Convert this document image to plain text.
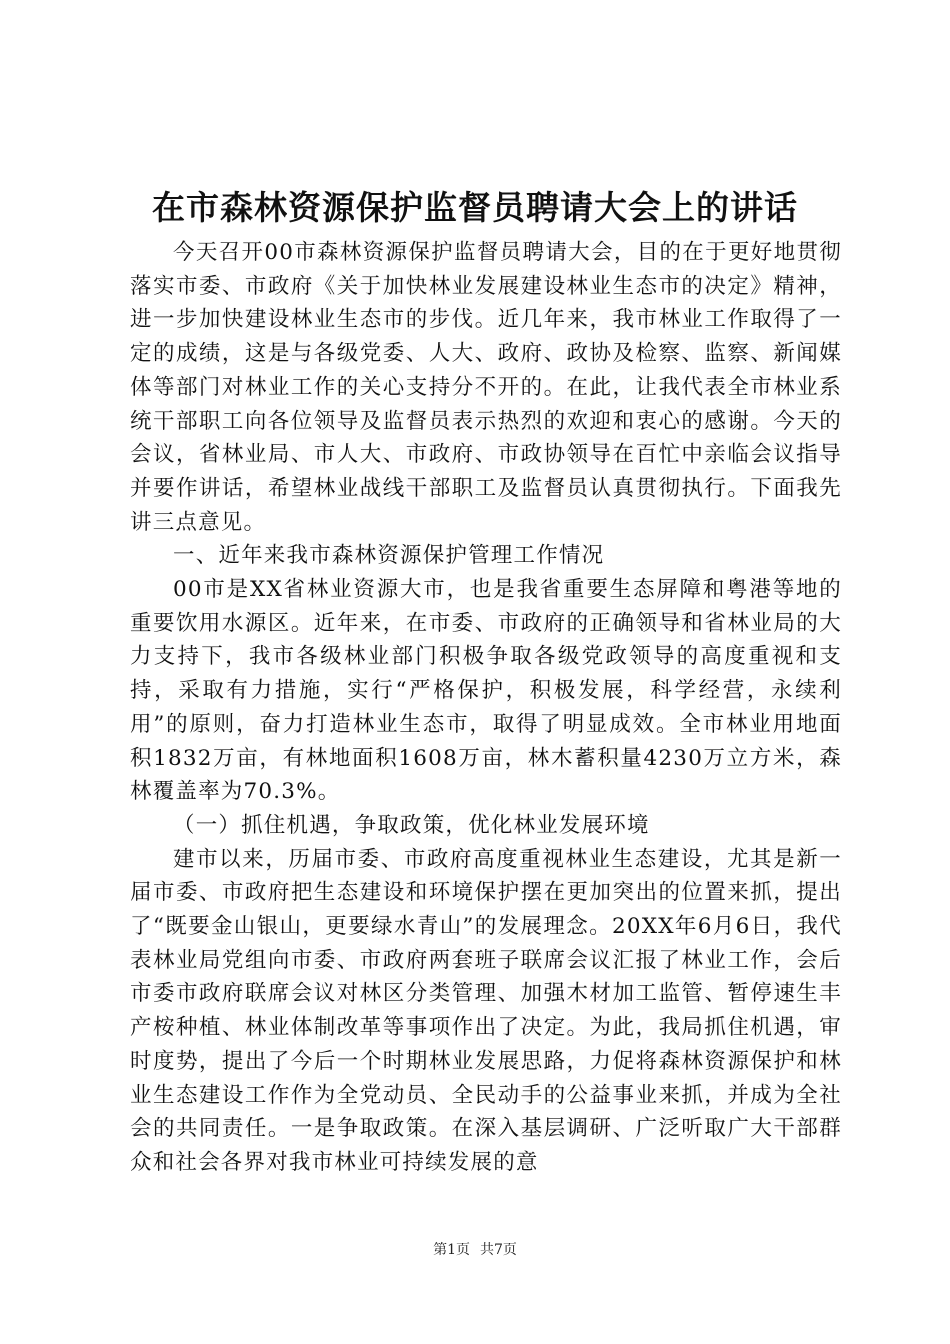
在市森林资源保护监督员聘请大会上的讲话

今天召开00市森林资源保护监督员聘请大会，目的在于更好地贯彻落实市委、市政府《关于加快林业发展建设林业生态市的决定》精神，进一步加快建设林业生态市的步伐。近几年来，我市林业工作取得了一定的成绩，这是与各级党委、人大、政府、政协及检察、监察、新闻媒体等部门对林业工作的关心支持分不开的。在此，让我代表全市林业系统干部职工向各位领导及监督员表示热烈的欢迎和衷心的感谢。今天的会议，省林业局、市人大、市政府、市政协领导在百忙中亲临会议指导并要作讲话，希望林业战线干部职工及监督员认真贯彻执行。下面我先讲三点意见。

一、近年来我市森林资源保护管理工作情况

00市是XX省林业资源大市，也是我省重要生态屏障和粤港等地的重要饮用水源区。近年来，在市委、市政府的正确领导和省林业局的大力支持下，我市各级林业部门积极争取各级党政领导的高度重视和支持，采取有力措施，实行“严格保护，积极发展，科学经营，永续利用”的原则，奋力打造林业生态市，取得了明显成效。全市林业用地面积1832万亩，有林地面积1608万亩，林木蓄积量4230万立方米，森林覆盖率为70.3%。

（一）抓住机遇，争取政策，优化林业发展环境

建市以来，历届市委、市政府高度重视林业生态建设，尤其是新一届市委、市政府把生态建设和环境保护摆在更加突出的位置来抓，提出了“既要金山银山，更要绿水青山”的发展理念。20XX年6月6日，我代表林业局党组向市委、市政府两套班子联席会议汇报了林业工作，会后市委市政府联席会议对林区分类管理、加强木材加工监管、暂停速生丰产桉种植、林业体制改革等事项作出了决定。为此，我局抓住机遇，审时度势，提出了今后一个时期林业发展思路，力促将森林资源保护和林业生态建设工作作为全党动员、全民动手的公益事业来抓，并成为全社会的共同责任。一是争取政策。在深入基层调研、广泛听取广大干部群众和社会各界对我市林业可持续发展的意

第1页 共7页
